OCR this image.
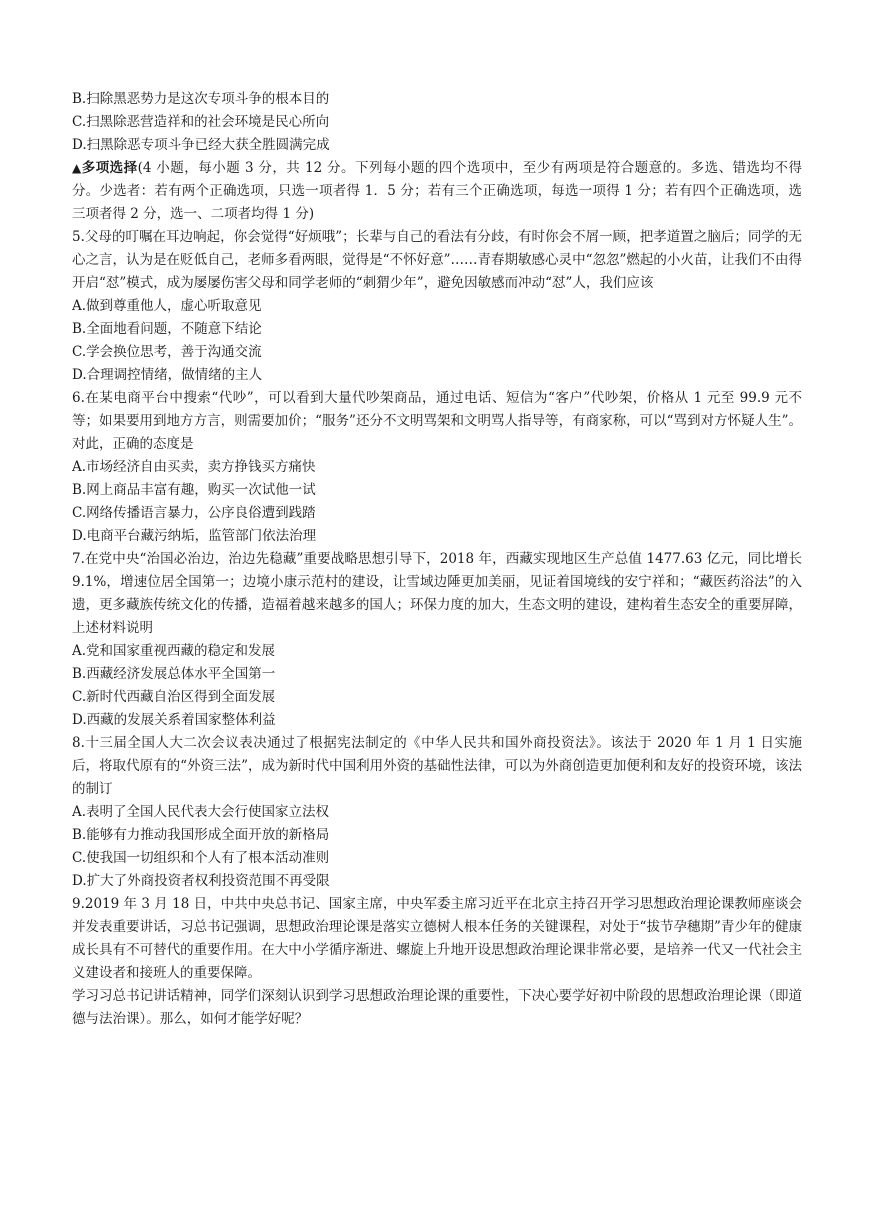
B.扫除黑恶势力是这次专项斗争的根本目的
C.扫黑除恶营造祥和的社会环境是民心所向
D.扫黑除恶专项斗争已经大获全胜圆满完成
▲多项选择(4 小题，每小题 3 分，共 12 分。下列每小题的四个选项中，至少有两项是符合题意的。多选、错选均不得分。少选者：若有两个正确选项，只选一项者得 1．5 分；若有三个正确选项，每选一项得 1 分；若有四个正确选项，选三项者得 2 分，选一、二项者均得 1 分)
5.父母的叮嘱在耳边响起，你会觉得“好烦哦”；长辈与自己的看法有分歧，有时你会不屑一顾，把孝道置之脑后；同学的无心之言，认为是在贬低自己，老师多看两眼，觉得是“不怀好意”……青春期敏感心灵中“忽忽”燃起的小火苗，让我们不由得开启“怼”模式，成为屡屡伤害父母和同学老师的“刺猬少年”，避免因敏感而冲动“怼”人，我们应该
A.做到尊重他人，虚心听取意见
B.全面地看问题，不随意下结论
C.学会换位思考，善于沟通交流
D.合理调控情绪，做情绪的主人
6.在某电商平台中搜索“代吵”，可以看到大量代吵架商品，通过电话、短信为“客户”代吵架，价格从 1 元至 99.9 元不等；如果要用到地方方言，则需要加价；“服务”还分不文明骂架和文明骂人指导等，有商家称，可以“骂到对方怀疑人生”。对此，正确的态度是
A.市场经济自由买卖，卖方挣钱买方痛快
B.网上商品丰富有趣，购买一次试他一试
C.网络传播语言暴力，公序良俗遭到践踏
D.电商平台藏污纳垢，监管部门依法治理
7.在党中央“治国必治边，治边先稳藏”重要战略思想引导下，2018 年，西藏实现地区生产总值 1477.63 亿元，同比增长 9.1%，增速位居全国第一；边境小康示范村的建设，让雪域边陲更加美丽，见证着国境线的安宁祥和；“藏医药浴法”的入遗，更多藏族传统文化的传播，造福着越来越多的国人；环保力度的加大，生态文明的建设，建构着生态安全的重要屏障，上述材料说明
A.党和国家重视西藏的稳定和发展
B.西藏经济发展总体水平全国第一
C.新时代西藏自治区得到全面发展
D.西藏的发展关系着国家整体利益
8.十三届全国人大二次会议表决通过了根据宪法制定的《中华人民共和国外商投资法》。该法于 2020 年 1 月 1 日实施后，将取代原有的“外资三法”，成为新时代中国利用外资的基础性法律，可以为外商创造更加便利和友好的投资环境，该法的制订
A.表明了全国人民代表大会行使国家立法权
B.能够有力推动我国形成全面开放的新格局
C.使我国一切组织和个人有了根本活动准则
D.扩大了外商投资者权利投资范围不再受限
9.2019 年 3 月 18 日，中共中央总书记、国家主席，中央军委主席习近平在北京主持召开学习思想政治理论课教师座谈会并发表重要讲话，习总书记强调，思想政治理论课是落实立德树人根本任务的关键课程，对处于“拔节孕穗期”青少年的健康成长具有不可替代的重要作用。在大中小学循序渐进、螺旋上升地开设思想政治理论课非常必要，是培养一代又一代社会主义建设者和接班人的重要保障。
学习习总书记讲话精神，同学们深刻认识到学习思想政治理论课的重要性，下决心要学好初中阶段的思想政治理论课（即道德与法治课）。那么，如何才能学好呢？
